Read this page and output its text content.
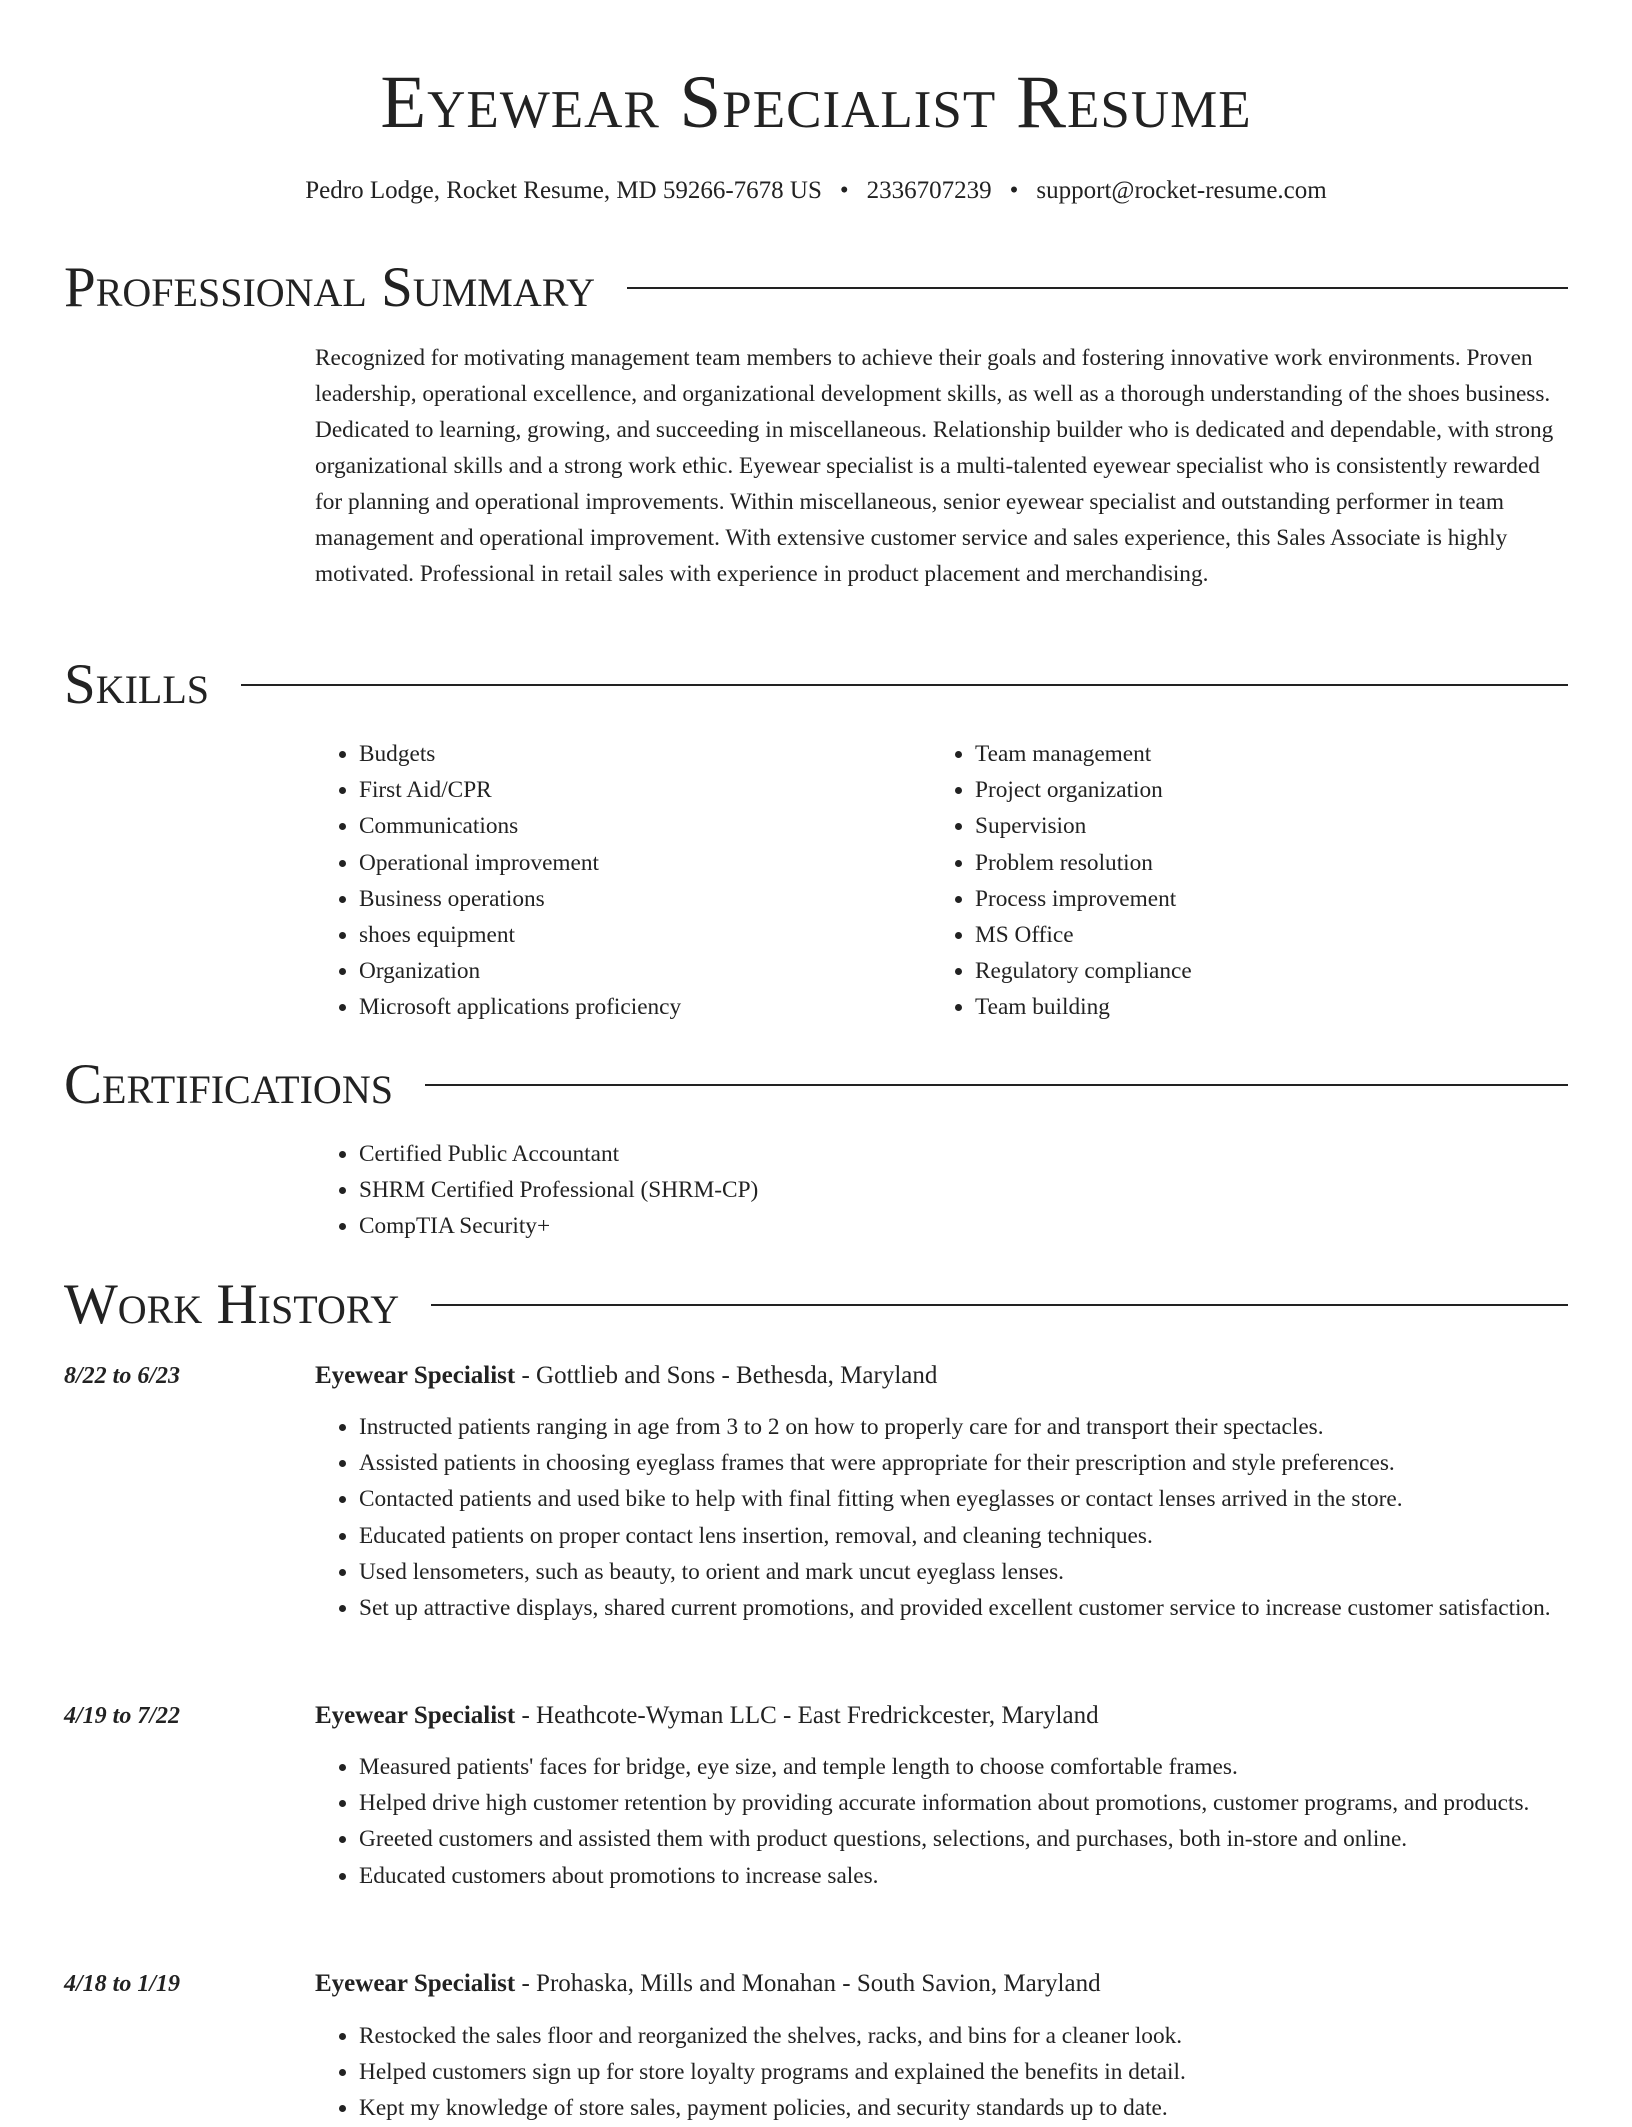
Eyewear Specialist Resume
Pedro Lodge, Rocket Resume, MD 59266-7678 US • 2336707239 • support@rocket-resume.com
Professional Summary

Recognized for motivating management team members to achieve their goals and fostering innovative work environments. Proven leadership, operational excellence, and organizational development skills, as well as a thorough understanding of the shoes business. Dedicated to learning, growing, and succeeding in miscellaneous. Relationship builder who is dedicated and dependable, with strong organizational skills and a strong work ethic. Eyewear specialist is a multi-talented eyewear specialist who is consistently rewarded for planning and operational improvements. Within miscellaneous, senior eyewear specialist and outstanding performer in team management and operational improvement. With extensive customer service and sales experience, this Sales Associate is highly motivated. Professional in retail sales with experience in product placement and merchandising.

Skills
• Budgets
• First Aid/CPR
• Communications
• Operational improvement
• Business operations
• shoes equipment
• Organization
• Microsoft applications proficiency
• Team management
• Project organization
• Supervision
• Problem resolution
• Process improvement
• MS Office
• Regulatory compliance
• Team building
Certifications
• Certified Public Accountant
• SHRM Certified Professional (SHRM-CP)
• CompTIA Security+
Work History
8/22 to 6/23	Eyewear Specialist - Gottlieb and Sons - Bethesda, Maryland
• Instructed patients ranging in age from 3 to 2 on how to properly care for and transport their spectacles.
• Assisted patients in choosing eyeglass frames that were appropriate for their prescription and style preferences.
• Contacted patients and used bike to help with final fitting when eyeglasses or contact lenses arrived in the store.
• Educated patients on proper contact lens insertion, removal, and cleaning techniques.
• Used lensometers, such as beauty, to orient and mark uncut eyeglass lenses.
• Set up attractive displays, shared current promotions, and provided excellent customer service to increase customer satisfaction.
4/19 to 7/22	Eyewear Specialist - Heathcote-Wyman LLC - East Fredrickcester, Maryland
• Measured patients' faces for bridge, eye size, and temple length to choose comfortable frames.
• Helped drive high customer retention by providing accurate information about promotions, customer programs, and products.
• Greeted customers and assisted them with product questions, selections, and purchases, both in-store and online.
• Educated customers about promotions to increase sales.
4/18 to 1/19	Eyewear Specialist - Prohaska, Mills and Monahan - South Savion, Maryland
• Restocked the sales floor and reorganized the shelves, racks, and bins for a cleaner look.
• Helped customers sign up for store loyalty programs and explained the benefits in detail.
• Kept my knowledge of store sales, payment policies, and security standards up to date.
